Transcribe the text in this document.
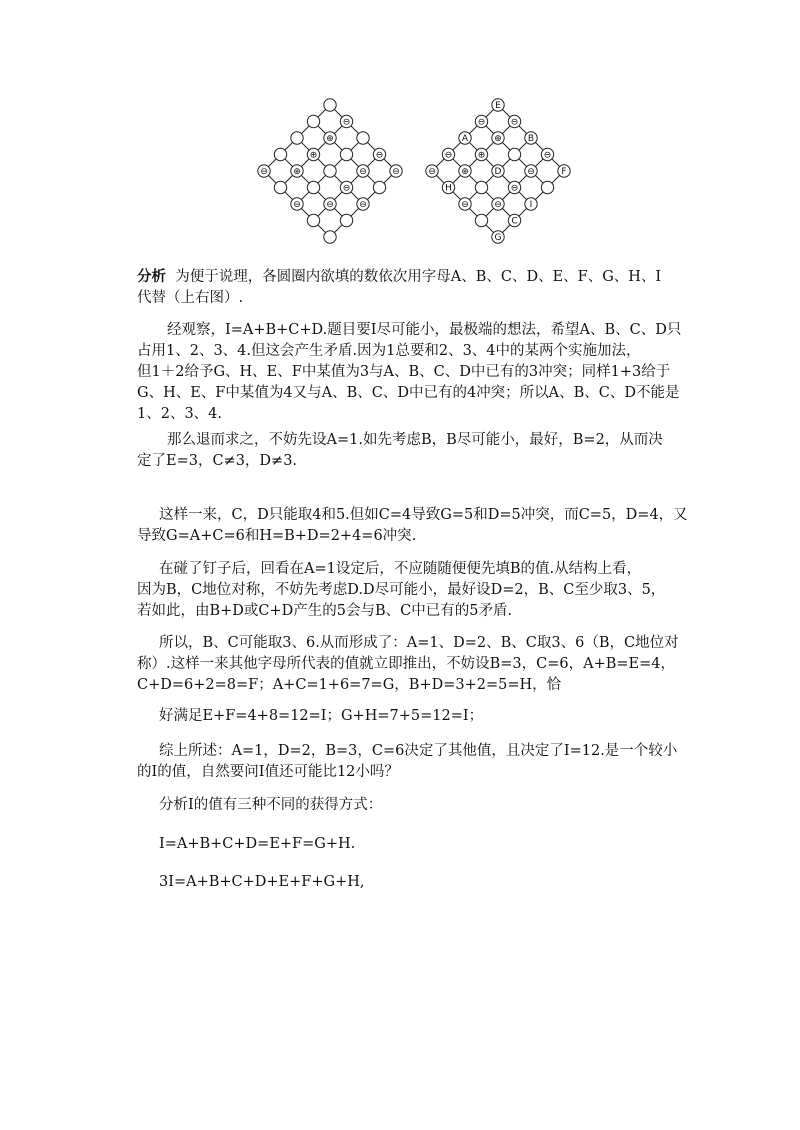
⊖
⊖
⊖
⊕
⊖
⊕
⊖
⊖
⊕
⊖
⊖
⊖
E
⊖
B
⊖
F
⊖
⊕
⊖
A
⊕
D
⊖
I
⊖
⊕
⊖
C
⊖
H
⊖
G
分析 为便于说理，各圆圈内欲填的数依次用字母A、B、C、D、E、F、G、H、I
代替（上右图）.
经观察，I=A+B+C+D.题目要I尽可能小，最极端的想法，希望A、B、C、D只
占用1、2、3、4.但这会产生矛盾.因为1总要和2、3、4中的某两个实施加法，
但1＋2给予G、H、E、F中某值为3与A、B、C、D中已有的3冲突；同样1+3给于
G、H、E、F中某值为4又与A、B、C、D中已有的4冲突；所以A、B、C、D不能是
1、2、3、4.
那么退而求之，不妨先设A=1.如先考虑B，B尽可能小，最好，B=2，从而决
定了E=3，C≠3，D≠3.
这样一来，C，D只能取4和5.但如C=4导致G=5和D=5冲突，而C=5，D=4，又
导致G=A+C=6和H=B+D=2+4=6冲突.
在碰了钉子后，回看在A=1设定后，不应随随便便先填B的值.从结构上看，
因为B，C地位对称，不妨先考虑D.D尽可能小，最好设D=2，B、C至少取3、5，
若如此，由B+D或C+D产生的5会与B、C中已有的5矛盾.
所以，B、C可能取3、6.从而形成了：A=1、D=2、B、C取3、6（B，C地位对
称）.这样一来其他字母所代表的值就立即推出，不妨设B=3，C=6，A+B=E=4，
C+D=6+2=8=F；A+C=1+6=7=G，B+D=3+2=5=H，恰
好满足E+F=4+8=12=I；G+H=7+5=12=I；
综上所述：A=1，D=2，B=3，C=6决定了其他值，且决定了I=12.是一个较小
的I的值，自然要问I值还可能比12小吗？
分析I的值有三种不同的获得方式：
I=A+B+C+D=E+F=G+H.
3I=A+B+C+D+E+F+G+H,
